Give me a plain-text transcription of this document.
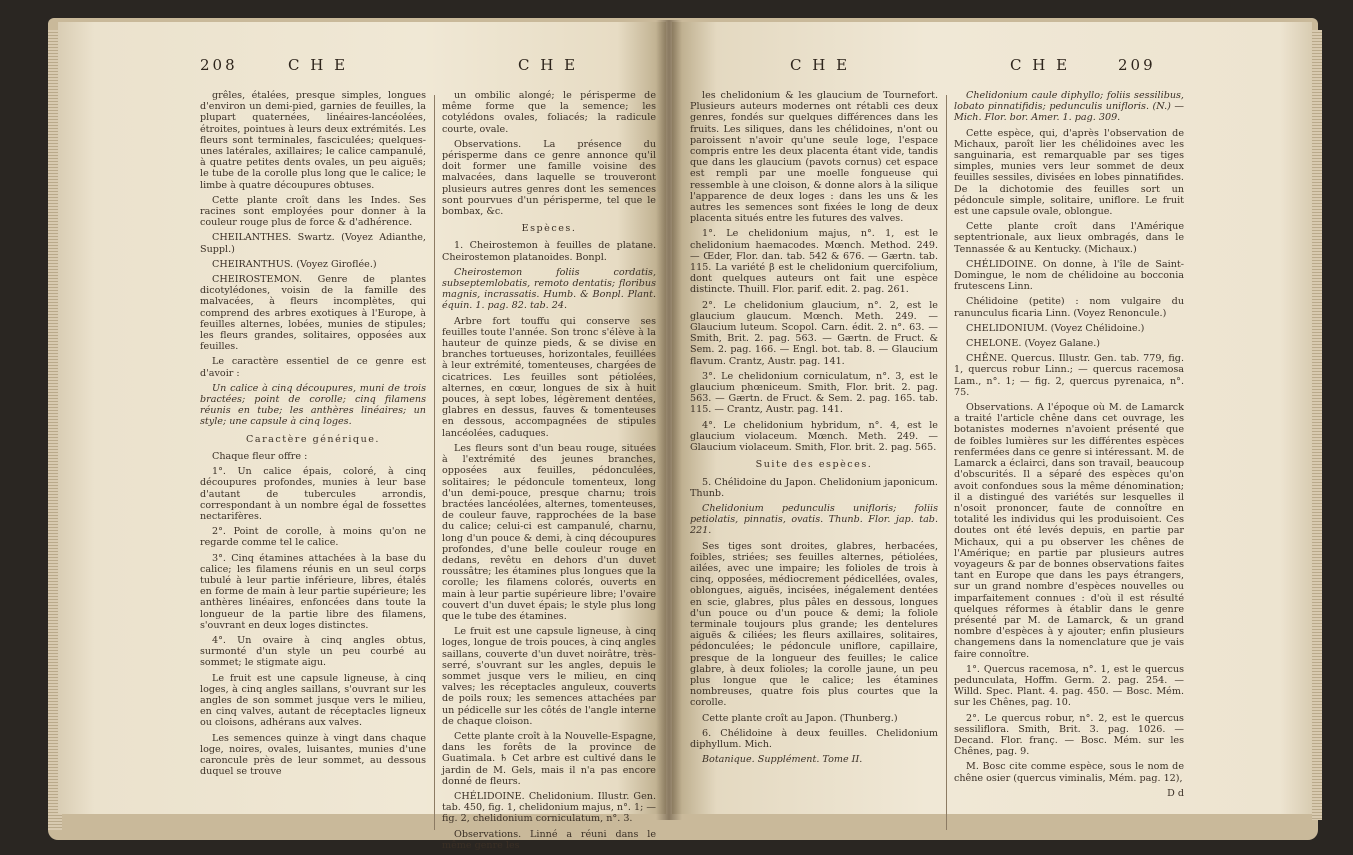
208	C H E	C H E	C H E	C H E	209

grêles, étalées, presque simples, longues d'environ un demi-pied, garnies de feuilles, la plupart quaternées, linéaires-lancéolées, étroites, pointues à leurs deux extrémités. Les fleurs sont terminales, fasciculées; quelques-unes latérales, axillaires; le calice campanulé, à quatre petites dents ovales, un peu aiguës; le tube de la corolle plus long que le calice; le limbe à quatre découpures obtuses.

Cette plante croît dans les Indes. Ses racines sont employées pour donner à la couleur rouge plus de force & d'adhérence.

CHEILANTHES. Swartz. (Voyez Adianthe, Suppl.)

CHEIRANTHUS. (Voyez Giroflée.)

CHEIROSTEMON. Genre de plantes dicotylédones, voisin de la famille des malvacées, à fleurs incomplètes, qui comprend des arbres exotiques à l'Europe, à feuilles alternes, lobées, munies de stipules; les fleurs grandes, solitaires, opposées aux feuilles.

Le caractère essentiel de ce genre est d'avoir :

Un calice à cinq découpures, muni de trois bractées; point de corolle; cinq filamens réunis en tube; les anthères linéaires; un style; une capsule à cinq loges.

Caractère générique.

Chaque fleur offre :

1°. Un calice épais, coloré, à cinq découpures profondes, munies à leur base d'autant de tubercules arrondis, correspondant à un nombre égal de fossettes nectarifères.

2°. Point de corolle, à moins qu'on ne regarde comme tel le calice.

3°. Cinq étamines attachées à la base du calice; les filamens réunis en un seul corps tubulé à leur partie inférieure, libres, étalés en forme de main à leur partie supérieure; les anthères linéaires, enfoncées dans toute la longueur de la partie libre des filamens, s'ouvrant en deux loges distinctes.

4°. Un ovaire à cinq angles obtus, surmonté d'un style un peu courbé au sommet; le stigmate aigu.

Le fruit est une capsule ligneuse, à cinq loges, à cinq angles saillans, s'ouvrant sur les angles de son sommet jusque vers le milieu, en cinq valves, autant de réceptacles ligneux ou cloisons, adhérans aux valves.

Les semences quinze à vingt dans chaque loge, noires, ovales, luisantes, munies d'une caroncule près de leur sommet, au dessous duquel se trouve

un ombilic alongé; le périsperme de même forme que la semence; les cotylédons ovales, foliacés; la radicule courte, ovale.

Observations. La présence du périsperme dans ce genre annonce qu'il doit former une famille voisine des malvacées, dans laquelle se trouveront plusieurs autres genres dont les semences sont pourvues d'un périsperme, tel que le bombax, &c.

Espèces.

1. Cheirostemon à feuilles de platane. Cheirostemon platanoides. Bonpl.

Cheirostemon foliis cordatis, subseptemlobatis, remoto dentatis; floribus magnis, incrassatis. Humb. & Bonpl. Plant. équin. 1. pag. 82. tab. 24.

Arbre fort touffu qui conserve ses feuilles toute l'année. Son tronc s'élève à la hauteur de quinze pieds, & se divise en branches tortueuses, horizontales, feuillées à leur extrémité, tomenteuses, chargées de cicatrices. Les feuilles sont pétiolées, alternes, en cœur, longues de six à huit pouces, à sept lobes, légèrement dentées, glabres en dessus, fauves & tomenteuses en dessous, accompagnées de stipules lancéolées, caduques.

Les fleurs sont d'un beau rouge, situées à l'extrémité des jeunes branches, opposées aux feuilles, pédonculées, solitaires; le pédoncule tomenteux, long d'un demi-pouce, presque charnu; trois bractées lancéolées, alternes, tomenteuses, de couleur fauve, rapprochées de la base du calice; celui-ci est campanulé, charnu, long d'un pouce & demi, à cinq découpures profondes, d'une belle couleur rouge en dedans, revêtu en dehors d'un duvet roussâtre; les étamines plus longues que la corolle; les filamens colorés, ouverts en main à leur partie supérieure libre; l'ovaire couvert d'un duvet épais; le style plus long que le tube des étamines.

Le fruit est une capsule ligneuse, à cinq loges, longue de trois pouces, à cinq angles saillans, couverte d'un duvet noirâtre, très-serré, s'ouvrant sur les angles, depuis le sommet jusque vers le milieu, en cinq valves; les réceptacles anguleux, couverts de poils roux; les semences attachées par un pédicelle sur les côtés de l'angle interne de chaque cloison.

Cette plante croît à la Nouvelle-Espagne, dans les forêts de la province de Guatimala. ♄ Cet arbre est cultivé dans le jardin de M. Gels, mais il n'a pas encore donné de fleurs.

CHÉLIDOINE. Chelidonium. Illustr. Gen. tab. 450, fig. 1, chelidonium majus, n°. 1; — fig. 2, chelidonium corniculatum, n°. 3.

Observations. Linné a réuni dans le même genre les

les chelidonium & les glaucium de Tournefort. Plusieurs auteurs modernes ont rétabli ces deux genres, fondés sur quelques différences dans les fruits. Les siliques, dans les chélidoines, n'ont ou paroissent n'avoir qu'une seule loge, l'espace compris entre les deux placenta étant vide, tandis que dans les glaucium (pavots cornus) cet espace est rempli par une moelle fongueuse qui ressemble à une cloison, & donne alors à la silique l'apparence de deux loges : dans les uns & les autres les semences sont fixées le long de deux placenta situés entre les futures des valves.

1°. Le chelidonium majus, n°. 1, est le chelidonium haemacodes. Mœnch. Method. 249. — Œder, Flor. dan. tab. 542 & 676. — Gærtn. tab. 115. La variété β est le chelidonium quercifolium, dont quelques auteurs ont fait une espèce distincte. Thuill. Flor. parif. edit. 2. pag. 261.

2°. Le chelidonium glaucium, n°. 2, est le glaucium glaucum. Mœnch. Meth. 249. — Glaucium luteum. Scopol. Carn. édit. 2. n°. 63. — Smith, Brit. 2. pag. 563. — Gærtn. de Fruct. & Sem. 2. pag. 166. — Engl. bot. tab. 8. — Glaucium flavum. Crantz, Austr. pag. 141.

3°. Le chelidonium corniculatum, n°. 3, est le glaucium phœniceum. Smith, Flor. brit. 2. pag. 563. — Gærtn. de Fruct. & Sem. 2. pag. 165. tab. 115. — Crantz, Austr. pag. 141.

4°. Le chelidonium hybridum, n°. 4, est le glaucium violaceum. Mœnch. Meth. 249. — Glaucium violaceum. Smith, Flor. brit. 2. pag. 565.

Suite des espèces.

5. Chélidoine du Japon. Chelidonium japonicum. Thunb.

Chelidonium pedunculis unifloris; foliis petiolatis, pinnatis, ovatis. Thunb. Flor. jap. tab. 221.

Ses tiges sont droites, glabres, herbacées, foibles, striées; ses feuilles alternes, pétiolées, ailées, avec une impaire; les folioles de trois à cinq, opposées, médiocrement pédicellées, ovales, oblongues, aiguës, incisées, inégalement dentées en scie, glabres, plus pâles en dessous, longues d'un pouce ou d'un pouce & demi; la foliole terminale toujours plus grande; les dentelures aiguës & ciliées; les fleurs axillaires, solitaires, pédonculées; le pédoncule uniflore, capillaire, presque de la longueur des feuilles; le calice glabre, à deux folioles; la corolle jaune, un peu plus longue que le calice; les étamines nombreuses, quatre fois plus courtes que la corolle.

Cette plante croît au Japon. (Thunberg.)

6. Chélidoine à deux feuilles. Chelidonium diphyllum. Mich.

Botanique. Supplément. Tome II.

Chelidonium caule diphyllo; foliis sessilibus, lobato pinnatifidis; pedunculis unifloris. (N.) — Mich. Flor. bor. Amer. 1. pag. 309.

Cette espèce, qui, d'après l'observation de Michaux, paroît lier les chélidoines avec les sanguinaria, est remarquable par ses tiges simples, munies vers leur sommet de deux feuilles sessiles, divisées en lobes pinnatifides. De la dichotomie des feuilles sort un pédoncule simple, solitaire, uniflore. Le fruit est une capsule ovale, oblongue.

Cette plante croît dans l'Amérique septentrionale, aux lieux ombragés, dans le Tennassée & au Kentucky. (Michaux.)

CHÉLIDOINE. On donne, à l'île de Saint-Domingue, le nom de chélidoine au bocconia frutescens Linn.

Chélidoine (petite) : nom vulgaire du ranunculus ficaria Linn. (Voyez Renoncule.)

CHELIDONIUM. (Voyez Chélidoine.)

CHELONE. (Voyez Galane.)

CHÊNE. Quercus. Illustr. Gen. tab. 779, fig. 1, quercus robur Linn.; — quercus racemosa Lam., n°. 1; — fig. 2, quercus pyrenaica, n°. 75.

Observations. A l'époque où M. de Lamarck a traité l'article chêne dans cet ouvrage, les botanistes modernes n'avoient présenté que de foibles lumières sur les différentes espèces renfermées dans ce genre si intéressant. M. de Lamarck a éclairci, dans son travail, beaucoup d'obscurités. Il a séparé des espèces qu'on avoit confondues sous la même dénomination; il a distingué des variétés sur lesquelles il n'osoit prononcer, faute de connoître en totalité les individus qui les produisoient. Ces doutes ont été levés depuis, en partie par Michaux, qui a pu observer les chênes de l'Amérique; en partie par plusieurs autres voyageurs & par de bonnes observations faites tant en Europe que dans les pays étrangers, sur un grand nombre d'espèces nouvelles ou imparfaitement connues : d'où il est résulté quelques réformes à établir dans le genre présenté par M. de Lamarck, & un grand nombre d'espèces à y ajouter; enfin plusieurs changemens dans la nomenclature que je vais faire connoître.

1°. Quercus racemosa, n°. 1, est le quercus pedunculata, Hoffm. Germ. 2. pag. 254. — Willd. Spec. Plant. 4. pag. 450. — Bosc. Mém. sur les Chênes, pag. 10.

2°. Le quercus robur, n°. 2, est le quercus sessiliflora. Smith, Brit. 3. pag. 1026. — Decand. Flor. franç. — Bosc. Mém. sur les Chênes, pag. 9.

M. Bosc cite comme espèce, sous le nom de chêne osier (quercus viminalis, Mém. pag. 12),

D d
